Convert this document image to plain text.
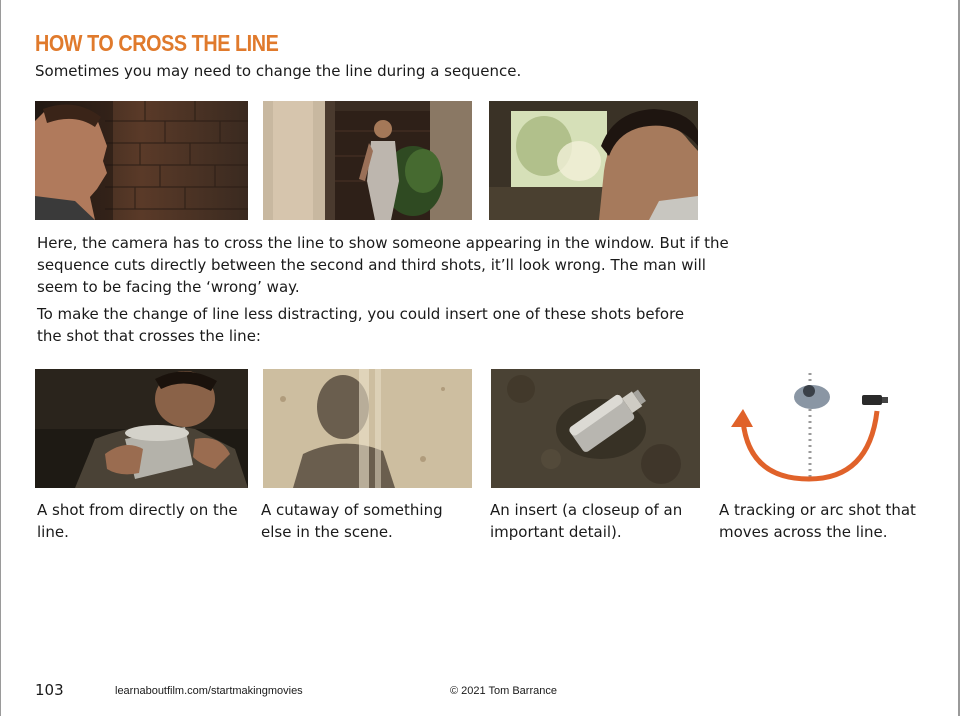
HOW TO CROSS THE LINE

Sometimes you may need to change the line during a sequence.

Here, the camera has to cross the line to show someone appearing in the window. But if the sequence cuts directly between the second and third shots, it’ll look wrong. The man will seem to be facing the ‘wrong’ way.

To make the change of line less distracting, you could insert one of these shots before the shot that crosses the line:

A shot from directly on the line.

A cutaway of something else in the scene.

An insert (a closeup of an important detail).

A tracking or arc shot that moves across the line.

103	learnaboutfilm.com/startmakingmovies	© 2021 Tom Barrance
